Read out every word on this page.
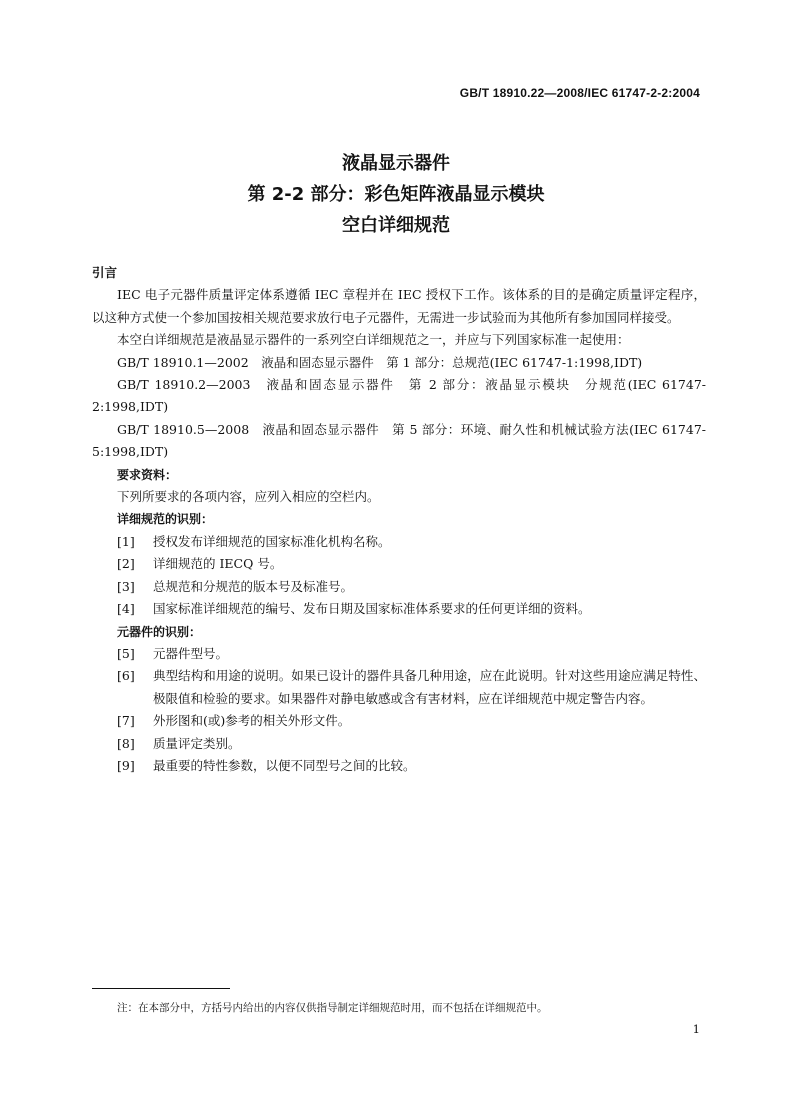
GB/T 18910.22—2008/IEC 61747-2-2:2004
液晶显示器件
第 2-2 部分：彩色矩阵液晶显示模块
空白详细规范
引言
IEC 电子元器件质量评定体系遵循 IEC 章程并在 IEC 授权下工作。该体系的目的是确定质量评定程序，以这种方式使一个参加国按相关规范要求放行电子元器件，无需进一步试验而为其他所有参加国同样接受。
本空白详细规范是液晶显示器件的一系列空白详细规范之一，并应与下列国家标准一起使用：
GB/T 18910.1—2002　液晶和固态显示器件　第 1 部分：总规范(IEC 61747-1:1998,IDT)
GB/T 18910.2—2003　液晶和固态显示器件　第 2 部分：液晶显示模块　分规范(IEC 61747-2:1998,IDT)
GB/T 18910.5—2008　液晶和固态显示器件　第 5 部分：环境、耐久性和机械试验方法(IEC 61747-5:1998,IDT)
要求资料：
下列所要求的各项内容，应列入相应的空栏内。
详细规范的识别：
[1]	授权发布详细规范的国家标准化机构名称。
[2]	详细规范的 IECQ 号。
[3]	总规范和分规范的版本号及标准号。
[4]	国家标准详细规范的编号、发布日期及国家标准体系要求的任何更详细的资料。
元器件的识别：
[5]	元器件型号。
[6]	典型结构和用途的说明。如果已设计的器件具备几种用途，应在此说明。针对这些用途应满足特性、极限值和检验的要求。如果器件对静电敏感或含有害材料，应在详细规范中规定警告内容。
[7]	外形图和(或)参考的相关外形文件。
[8]	质量评定类别。
[9]	最重要的特性参数，以便不同型号之间的比较。
注：在本部分中，方括号内给出的内容仅供指导制定详细规范时用，而不包括在详细规范中。
1
